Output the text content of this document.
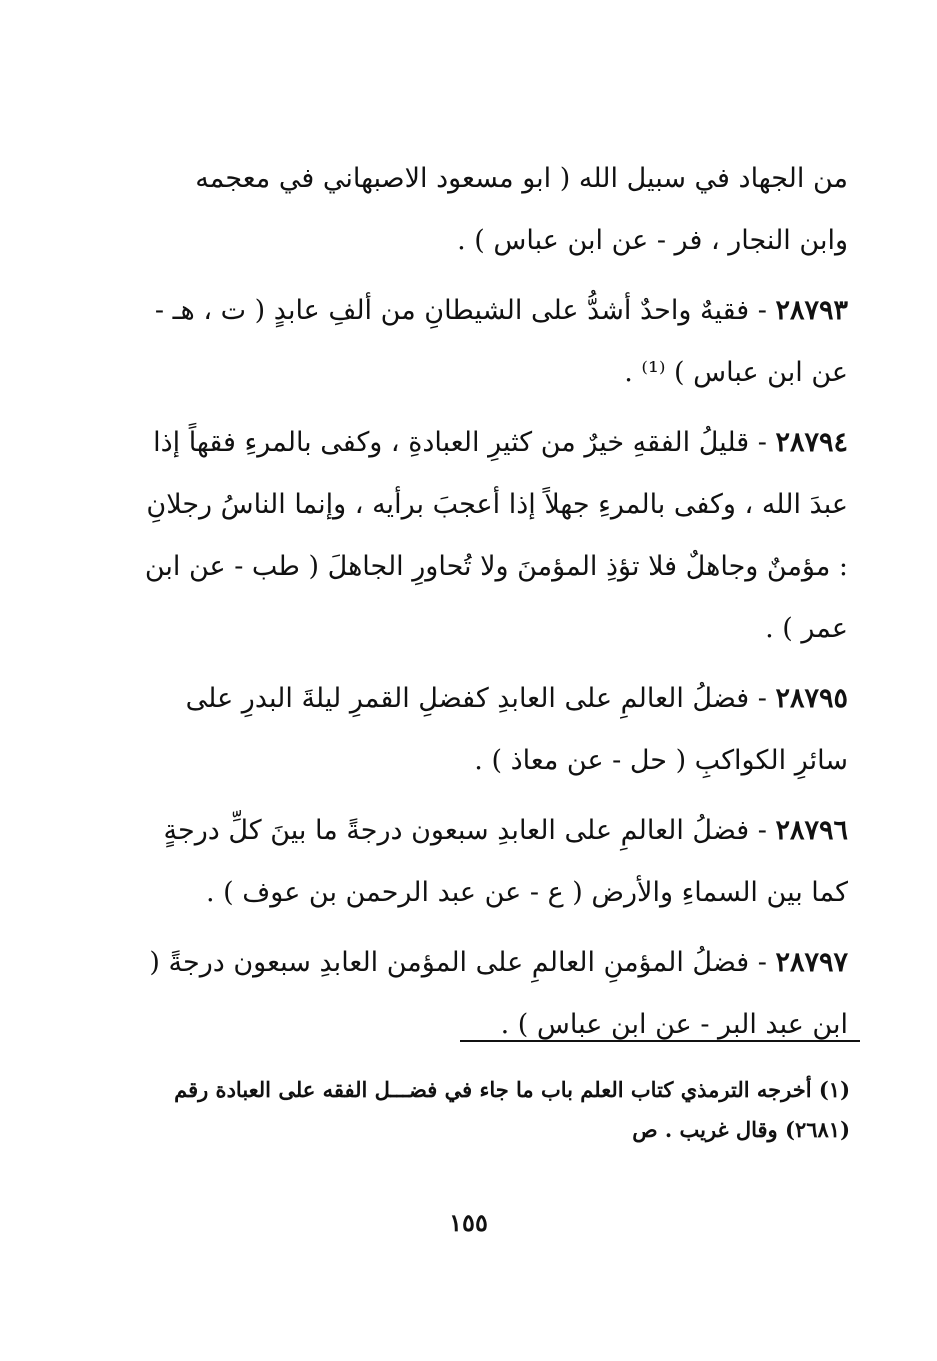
من الجهاد في سبيل الله ( ابو مسعود الاصبهاني في معجمه وابن النجار ، فر - عن ابن عباس ) .

٢٨٧٩٣ - فقيهٌ واحدٌ أشدُّ على الشيطانِ من ألفِ عابدٍ ( ت ، هـ - عن ابن عباس ) ⁽¹⁾ .

٢٨٧٩٤ - قليلُ الفقهِ خيرٌ من كثيرِ العبادةِ ، وكفى بالمرءِ فقهاً إذا عبدَ الله ، وكفى بالمرءِ جهلاً إذا أعجبَ برأيه ، وإنما الناسُ رجلانِ : مؤمنٌ وجاهلٌ فلا تؤذِ المؤمنَ ولا تُحاورِ الجاهلَ ( طب - عن ابن عمر ) .

٢٨٧٩٥ - فضلُ العالمِ على العابدِ كفضلِ القمرِ ليلةَ البدرِ على سائرِ الكواكبِ ( حل - عن معاذ ) .

٢٨٧٩٦ - فضلُ العالمِ على العابدِ سبعون درجةً ما بينَ كلِّ درجةٍ كما بين السماءِ والأرض ( ع - عن عبد الرحمن بن عوف ) .

٢٨٧٩٧ - فضلُ المؤمنِ العالمِ على المؤمن العابدِ سبعون درجةً ( ابن عبد البر - عن ابن عباس ) .

(١) أخرجه الترمذي كتاب العلم باب ما جاء في فضـــل الفقه على العبادة رقم (٢٦٨١) وقال غريب . ص
١٥٥
